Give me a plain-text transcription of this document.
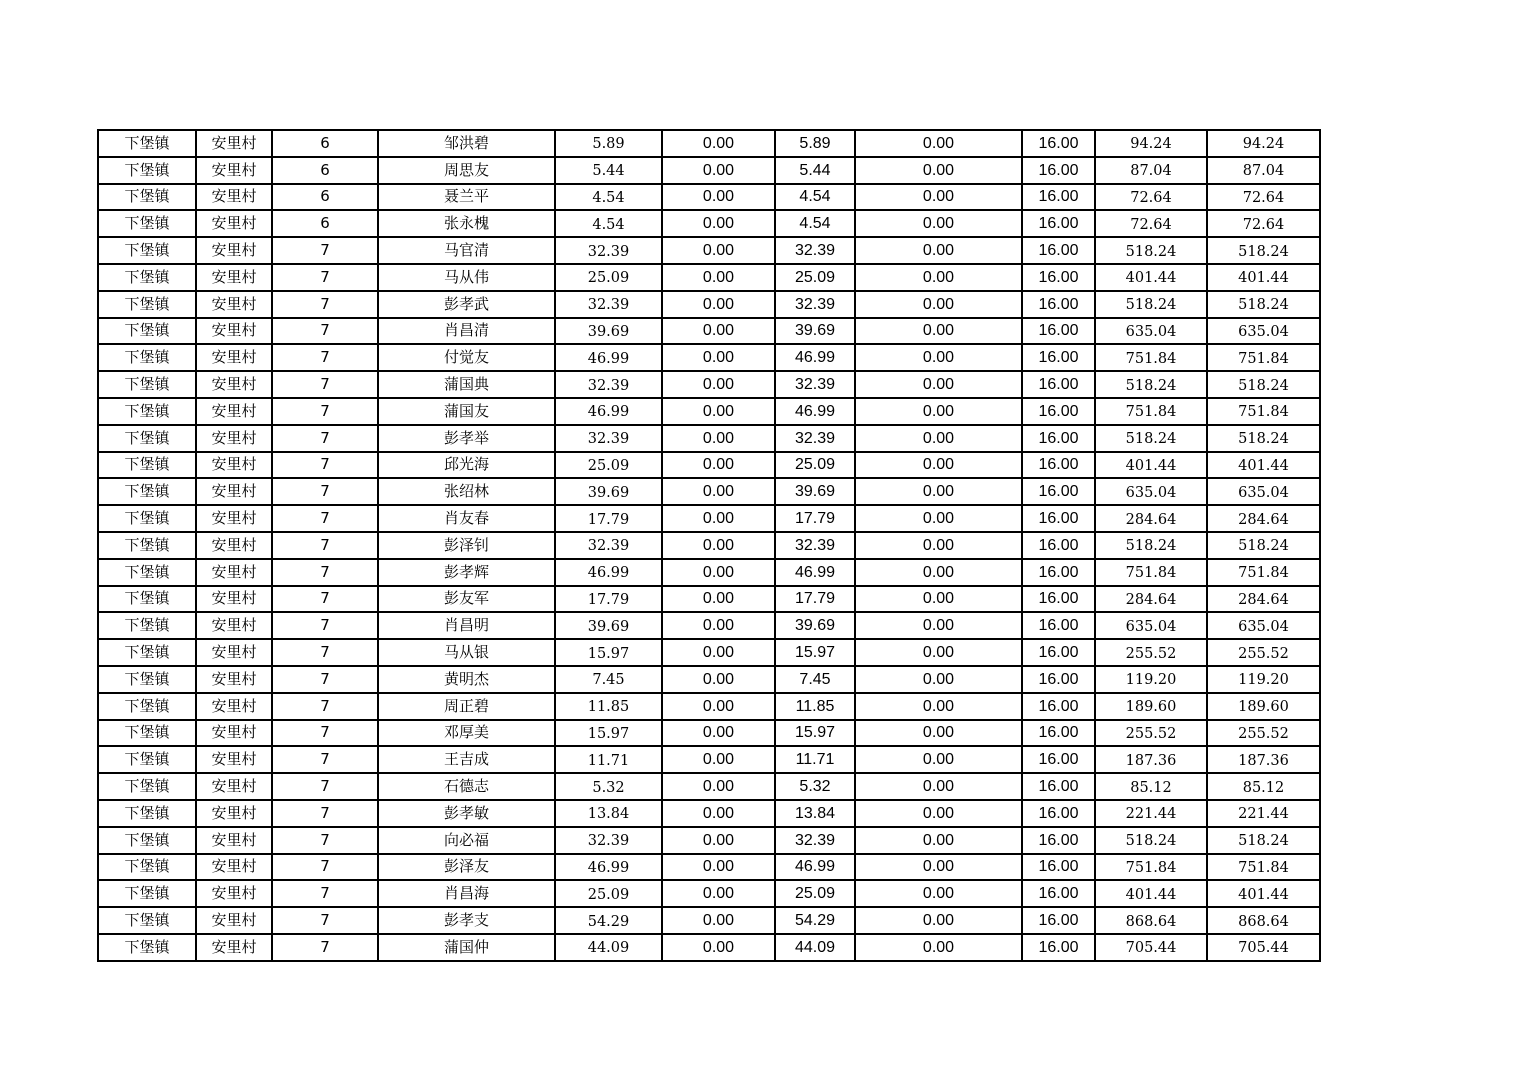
下堡镇	安里村	6	邹洪碧	5.89	0.00	5.89	0.00	16.00	94.24	94.24
下堡镇	安里村	6	周思友	5.44	0.00	5.44	0.00	16.00	87.04	87.04
下堡镇	安里村	6	聂兰平	4.54	0.00	4.54	0.00	16.00	72.64	72.64
下堡镇	安里村	6	张永槐	4.54	0.00	4.54	0.00	16.00	72.64	72.64
下堡镇	安里村	7	马官清	32.39	0.00	32.39	0.00	16.00	518.24	518.24
下堡镇	安里村	7	马从伟	25.09	0.00	25.09	0.00	16.00	401.44	401.44
下堡镇	安里村	7	彭孝武	32.39	0.00	32.39	0.00	16.00	518.24	518.24
下堡镇	安里村	7	肖昌清	39.69	0.00	39.69	0.00	16.00	635.04	635.04
下堡镇	安里村	7	付觉友	46.99	0.00	46.99	0.00	16.00	751.84	751.84
下堡镇	安里村	7	蒲国典	32.39	0.00	32.39	0.00	16.00	518.24	518.24
下堡镇	安里村	7	蒲国友	46.99	0.00	46.99	0.00	16.00	751.84	751.84
下堡镇	安里村	7	彭孝举	32.39	0.00	32.39	0.00	16.00	518.24	518.24
下堡镇	安里村	7	邱光海	25.09	0.00	25.09	0.00	16.00	401.44	401.44
下堡镇	安里村	7	张绍林	39.69	0.00	39.69	0.00	16.00	635.04	635.04
下堡镇	安里村	7	肖友春	17.79	0.00	17.79	0.00	16.00	284.64	284.64
下堡镇	安里村	7	彭泽钊	32.39	0.00	32.39	0.00	16.00	518.24	518.24
下堡镇	安里村	7	彭孝辉	46.99	0.00	46.99	0.00	16.00	751.84	751.84
下堡镇	安里村	7	彭友军	17.79	0.00	17.79	0.00	16.00	284.64	284.64
下堡镇	安里村	7	肖昌明	39.69	0.00	39.69	0.00	16.00	635.04	635.04
下堡镇	安里村	7	马从银	15.97	0.00	15.97	0.00	16.00	255.52	255.52
下堡镇	安里村	7	黄明杰	7.45	0.00	7.45	0.00	16.00	119.20	119.20
下堡镇	安里村	7	周正碧	11.85	0.00	11.85	0.00	16.00	189.60	189.60
下堡镇	安里村	7	邓厚美	15.97	0.00	15.97	0.00	16.00	255.52	255.52
下堡镇	安里村	7	王吉成	11.71	0.00	11.71	0.00	16.00	187.36	187.36
下堡镇	安里村	7	石德志	5.32	0.00	5.32	0.00	16.00	85.12	85.12
下堡镇	安里村	7	彭孝敏	13.84	0.00	13.84	0.00	16.00	221.44	221.44
下堡镇	安里村	7	向必福	32.39	0.00	32.39	0.00	16.00	518.24	518.24
下堡镇	安里村	7	彭泽友	46.99	0.00	46.99	0.00	16.00	751.84	751.84
下堡镇	安里村	7	肖昌海	25.09	0.00	25.09	0.00	16.00	401.44	401.44
下堡镇	安里村	7	彭孝支	54.29	0.00	54.29	0.00	16.00	868.64	868.64
下堡镇	安里村	7	蒲国仲	44.09	0.00	44.09	0.00	16.00	705.44	705.44
